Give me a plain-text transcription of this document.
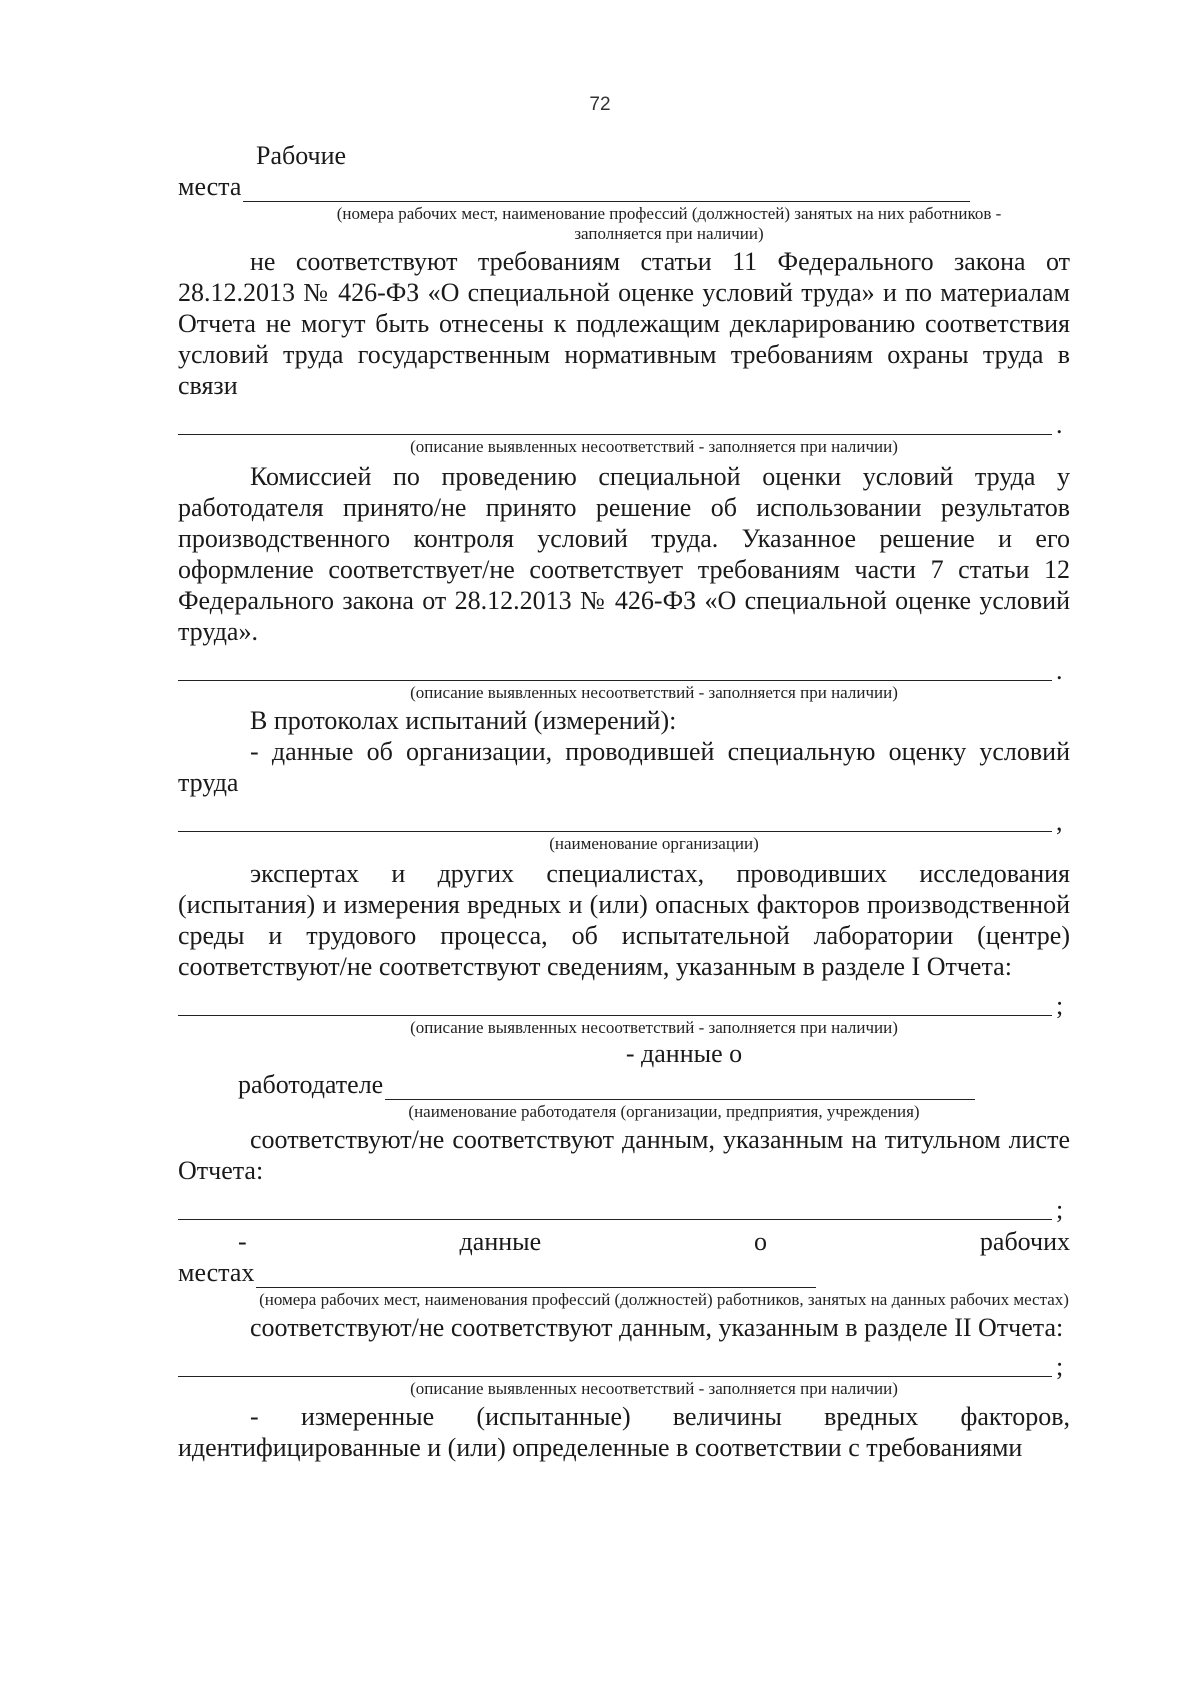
72
Рабочие
места

(номера рабочих мест, наименование профессий (должностей) занятых на них работников - заполняется при наличии)

не соответствуют требованиям статьи 11 Федерального закона от 28.12.2013 № 426-ФЗ «О специальной оценке условий труда» и по материалам Отчета не могут быть отнесены к подлежащим декларированию соответствия условий труда государственным нормативным требованиям охраны труда в связи

.

(описание выявленных несоответствий - заполняется при наличии)

Комиссией по проведению специальной оценки условий труда у работодателя принято/не принято решение об использовании результатов производственного контроля условий труда. Указанное решение и его оформление соответствует/не соответствует требованиям части 7 статьи 12 Федерального закона от 28.12.2013 № 426-ФЗ «О специальной оценке условий труда».

.

(описание выявленных несоответствий - заполняется при наличии)

В протоколах испытаний (измерений):

- данные об организации, проводившей специальную оценку условий труда

,

(наименование организации)

экспертах и других специалистах, проводивших исследования (испытания) и измерения вредных и (или) опасных факторов производственной среды и трудового процесса, об испытательной лаборатории (центре) соответствуют/не соответствуют сведениям, указанным в разделе I Отчета:

;

(описание выявленных несоответствий - заполняется при наличии)

- данные о
работодателе

(наименование работодателя (организации, предприятия, учреждения)

соответствуют/не соответствуют данным, указанным на титульном листе Отчета:

;
-	данные	о	рабочих
местах

(номера рабочих мест, наименования профессий (должностей) работников, занятых на данных рабочих местах)

соответствуют/не соответствуют данным, указанным в разделе II Отчета:

;

(описание выявленных несоответствий - заполняется при наличии)

- измеренные (испытанные) величины вредных факторов, идентифицированные и (или) определенные в соответствии с требованиями
